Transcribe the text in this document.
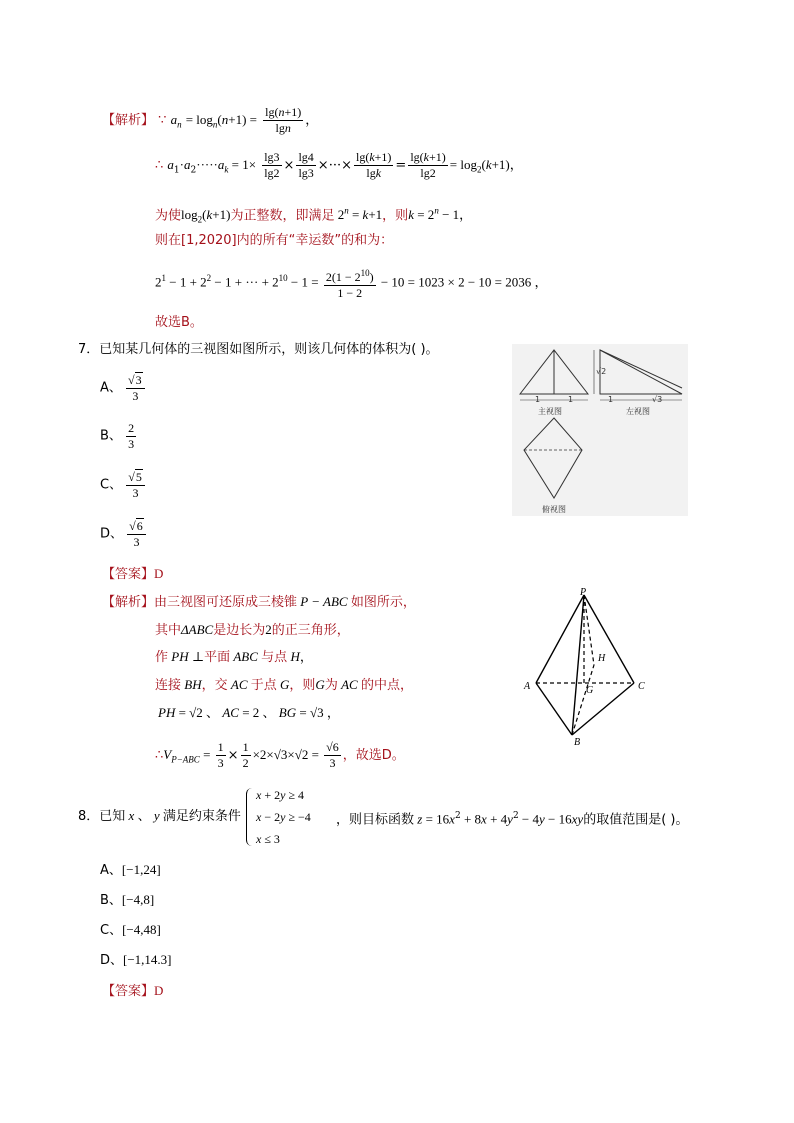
【解析】 ∵ $a_n = \log_n(n+1) = \frac{\lg(n+1)}{\lg n}$ ，
∴ $a_1\cdot a_2\cdot\cdot\cdot\cdot\cdot a_k = 1\times \frac{\lg 3}{\lg 2} \times \frac{\lg 4}{\lg 3}$ ×···× $\frac{\lg(k+1)}{\lg k} = \frac{\lg(k+1)}{\lg 2} = \log_2(k+1)$，
为使$\log_2(k+1)$为正整数，即满足 $2^n = k+1$，则$k = 2^n - 1$，
则在[1,2020]内的所有“幸运数”的和为：
$2^1 - 1 + 2^2 - 1$ + ··· + $2^{10} - 1 = \frac{2(1 - 2^{10})}{1 - 2} - 10 = 1023 \times 2 - 10 = 2036$ ，
故选B。
7．已知某几何体的三视图如图所示，则该几何体的体积为( )。
A、 $\frac{√3}{3}$
B、 $\frac{2}{3}$
C、 $\frac{√5}{3}$
D、 $\frac{√6}{3}$
【答案】D
【解析】由三视图可还原成三棱锥 P − ABC 如图所示，
其中ΔABC是边长为2的正三角形，
作 PH ⊥平面 ABC 与点 H，
连接 BH，交 AC 于点 G，则G为 AC 的中点，
PH = √2 、 AC = 2 、 BG = √3 ，
$\therefore V_{P-ABC} = \frac{1}{3} \times \frac{1}{2} \times 2\times√3\times√2 = \frac{√6}{3}$ ，故选D。
1	1
主视图
√2
1	√3
左视图
俯视图
P
A	C
B
G
H
8．已知 x 、 y 满足约束条件
x + 2y ≥ 4
x − 2y ≥ −4
x ≤ 3
，则目标函数 $z = 16x^2 + 8x + 4y^2 - 4y - 16xy$的取值范围是( )。
A、[−1,24]
B、[−4,8]
C、[−4,48]
D、[−1,14.3]
【答案】D
